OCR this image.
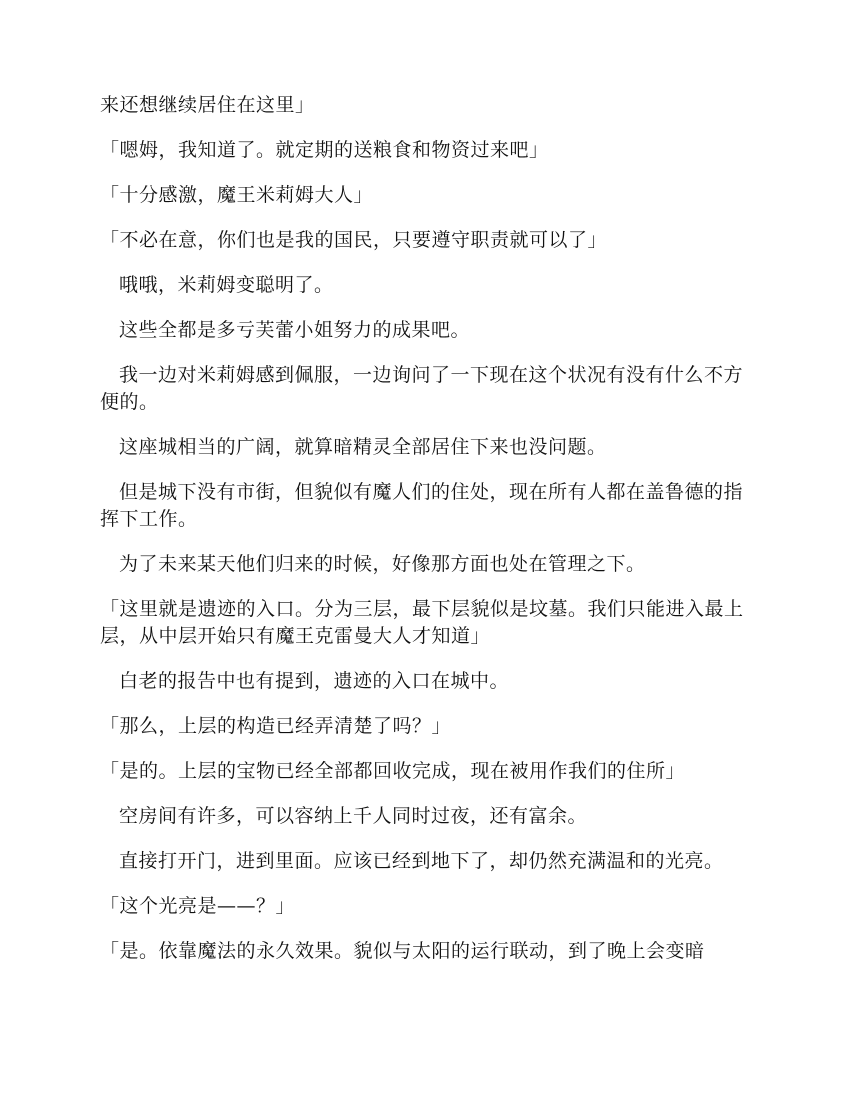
来还想继续居住在这里」

「嗯姆，我知道了。就定期的送粮食和物资过来吧」

「十分感激，魔王米莉姆大人」

「不必在意，你们也是我的国民，只要遵守职责就可以了」

哦哦，米莉姆变聪明了。

这些全都是多亏芙蕾小姐努力的成果吧。

我一边对米莉姆感到佩服，一边询问了一下现在这个状况有没有什么不方便的。

这座城相当的广阔，就算暗精灵全部居住下来也没问题。

但是城下没有市街，但貌似有魔人们的住处，现在所有人都在盖鲁德的指挥下工作。

为了未来某天他们归来的时候，好像那方面也处在管理之下。

「这里就是遗迹的入口。分为三层，最下层貌似是坟墓。我们只能进入最上层，从中层开始只有魔王克雷曼大人才知道」

白老的报告中也有提到，遗迹的入口在城中。

「那么，上层的构造已经弄清楚了吗？」

「是的。上层的宝物已经全部都回收完成，现在被用作我们的住所」

空房间有许多，可以容纳上千人同时过夜，还有富余。

直接打开门，进到里面。应该已经到地下了，却仍然充满温和的光亮。

「这个光亮是——？」

「是。依靠魔法的永久效果。貌似与太阳的运行联动，到了晚上会变暗
